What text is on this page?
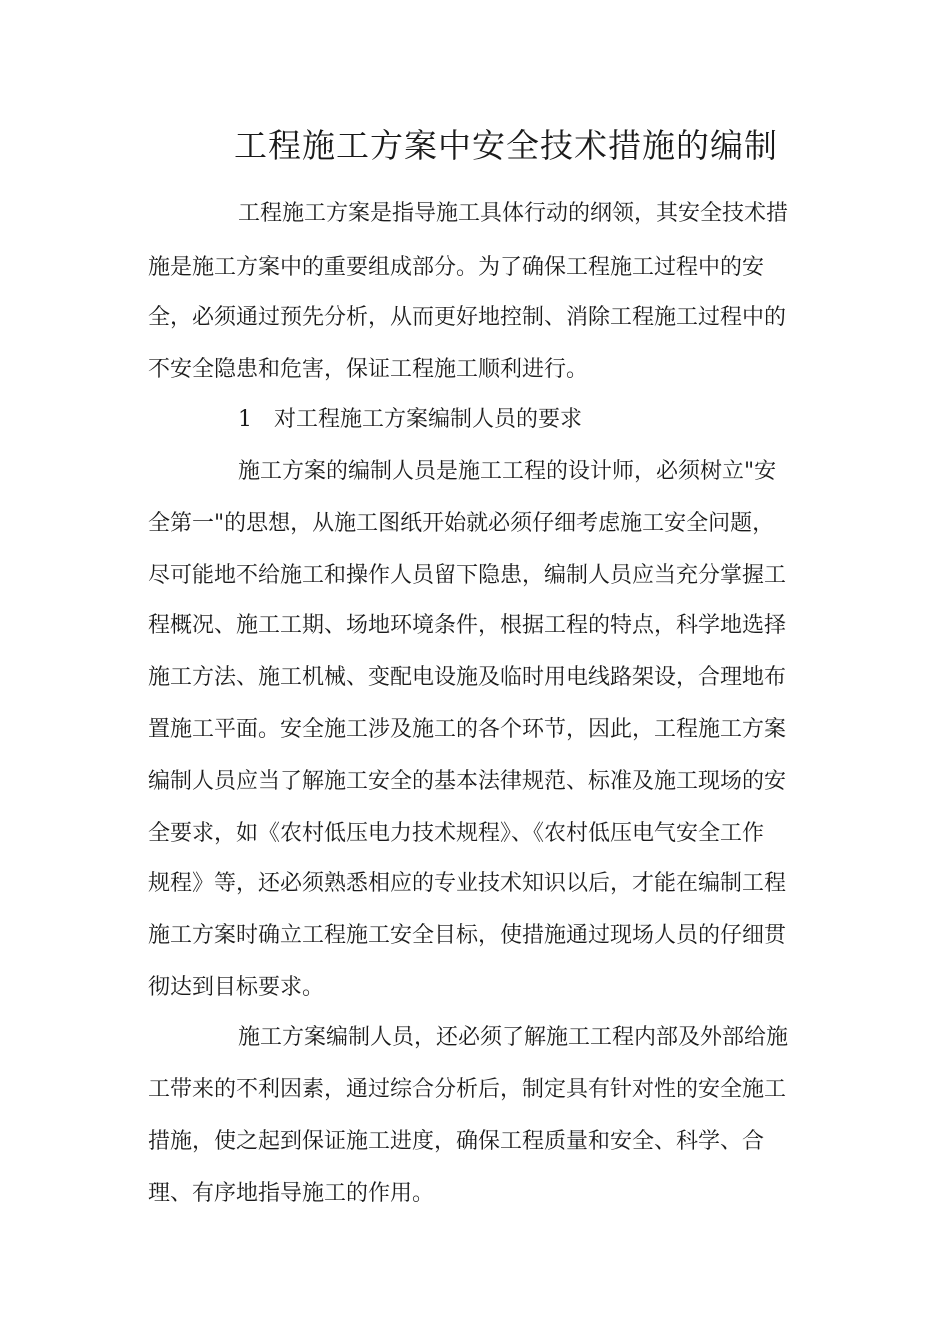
工程施工方案中安全技术措施的编制
工程施工方案是指导施工具体行动的纲领，其安全技术措
施是施工方案中的重要组成部分。为了确保工程施工过程中的安
全，必须通过预先分析，从而更好地控制、消除工程施工过程中的
不安全隐患和危害，保证工程施工顺利进行。
1　对工程施工方案编制人员的要求
施工方案的编制人员是施工工程的设计师，必须树立"安
全第一"的思想，从施工图纸开始就必须仔细考虑施工安全问题，
尽可能地不给施工和操作人员留下隐患，编制人员应当充分掌握工
程概况、施工工期、场地环境条件，根据工程的特点，科学地选择
施工方法、施工机械、变配电设施及临时用电线路架设，合理地布
置施工平面。安全施工涉及施工的各个环节，因此，工程施工方案
编制人员应当了解施工安全的基本法律规范、标准及施工现场的安
全要求，如《农村低压电力技术规程》、《农村低压电气安全工作
规程》等，还必须熟悉相应的专业技术知识以后，才能在编制工程
施工方案时确立工程施工安全目标，使措施通过现场人员的仔细贯
彻达到目标要求。
施工方案编制人员，还必须了解施工工程内部及外部给施
工带来的不利因素，通过综合分析后，制定具有针对性的安全施工
措施，使之起到保证施工进度，确保工程质量和安全、科学、合
理、有序地指导施工的作用。
